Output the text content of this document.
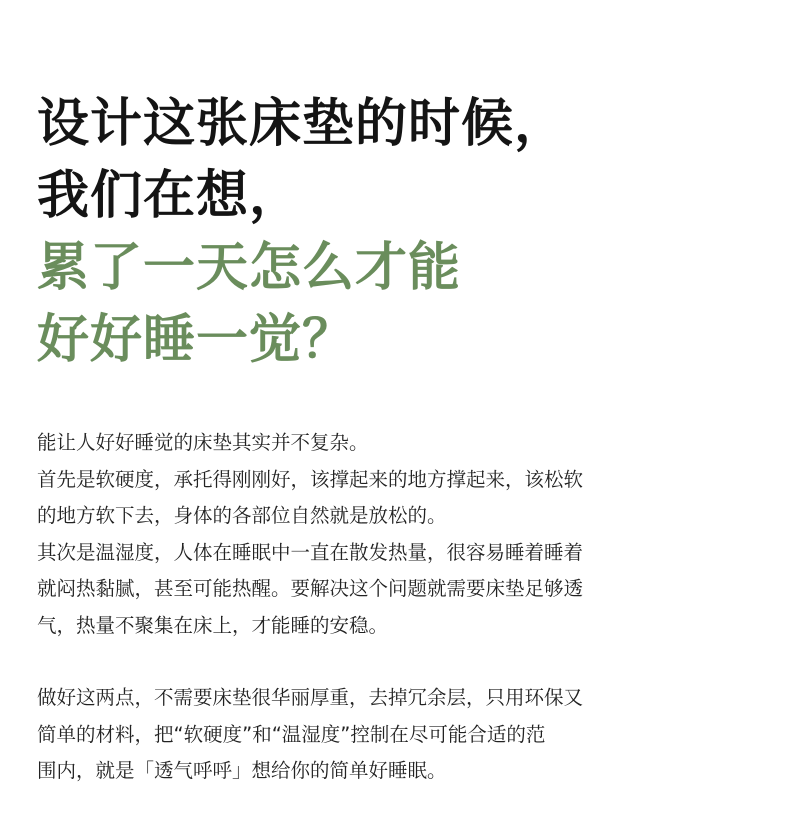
设计这张床垫的时候，
我们在想，
累了一天怎么才能
好好睡一觉？

能让人好好睡觉的床垫其实并不复杂。
首先是软硬度，承托得刚刚好，该撑起来的地方撑起来，该松软
的地方软下去，身体的各部位自然就是放松的。
其次是温湿度，人体在睡眠中一直在散发热量，很容易睡着睡着
就闷热黏腻，甚至可能热醒。要解决这个问题就需要床垫足够透
气，热量不聚集在床上，才能睡的安稳。

做好这两点，不需要床垫很华丽厚重，去掉冗余层，只用环保又
简单的材料，把“软硬度”和“温湿度”控制在尽可能合适的范
围内，就是「透气呼呼」想给你的简单好睡眠。
